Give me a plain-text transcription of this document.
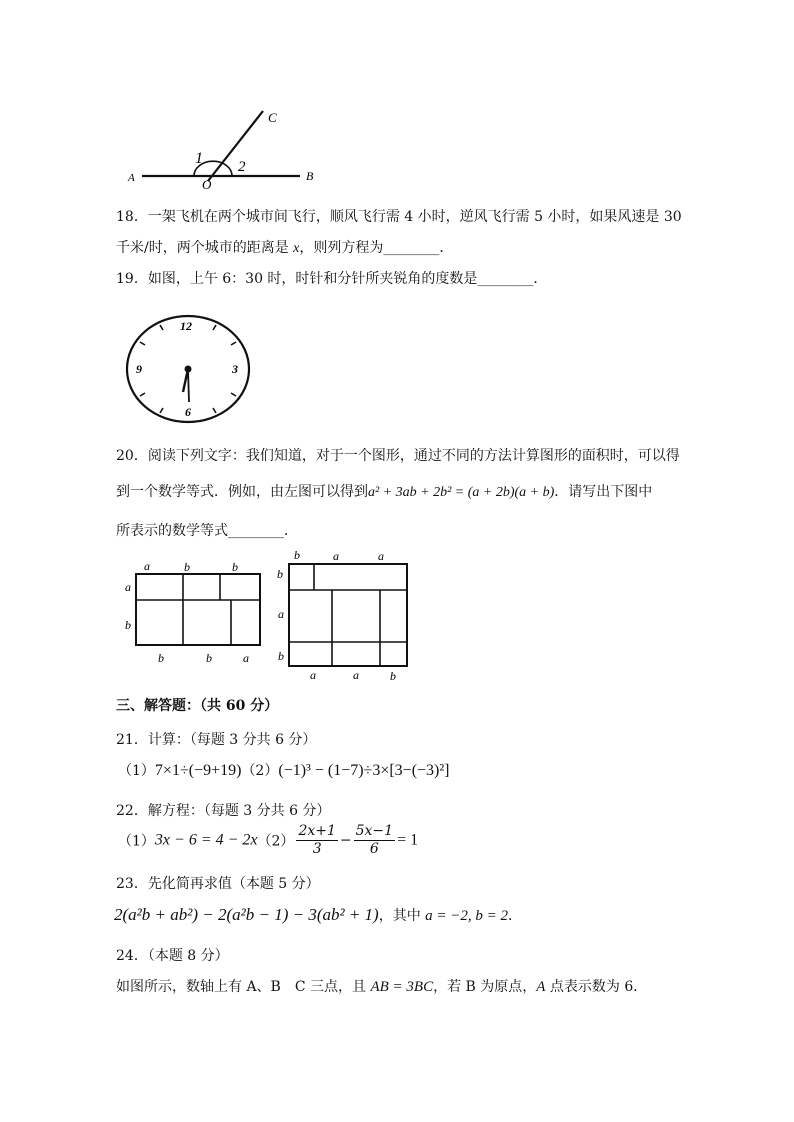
A	B
C
O
1 2
18．一架飞机在两个城市间飞行，顺风飞行需 4 小时，逆风飞行需 5 小时，如果风速是 30
千米/时，两个城市的距离是 x，则列方程为________．
19．如图，上午 6：30 时，时针和分针所夹锐角的度数是________．
12
3
6
9
20．阅读下列文字：我们知道，对于一个图形，通过不同的方法计算图形的面积时，可以得
到一个数学等式．例如，由左图可以得到a² + 3ab + 2b² = (a + 2b)(a + b)．请写出下图中
所表示的数学等式________．
a	b	b
a
b
b	b	a
b	a	a
b
a
b
a	a	b
三、解答题：（共 60 分）
21．计算：（每题 3 分共 6 分）
（1）7×1÷(−9+19)（2）(−1)³ − (1−7)÷3×[3−(−3)²]
22．解方程：（每题 3 分共 6 分）
$(1)3x - 6 = 4 - 2x(2) \frac{2x+1}{3} - \frac{5x-1}{6} = 1$
23．先化简再求值（本题 5 分）
2(a²b + ab²) − 2(a²b − 1) − 3(ab² + 1)，其中 a = −2, b = 2．
24．（本题 8 分）
如图所示，数轴上有 A、B　C 三点，且 AB = 3BC，若 B 为原点，A 点表示数为 6．
